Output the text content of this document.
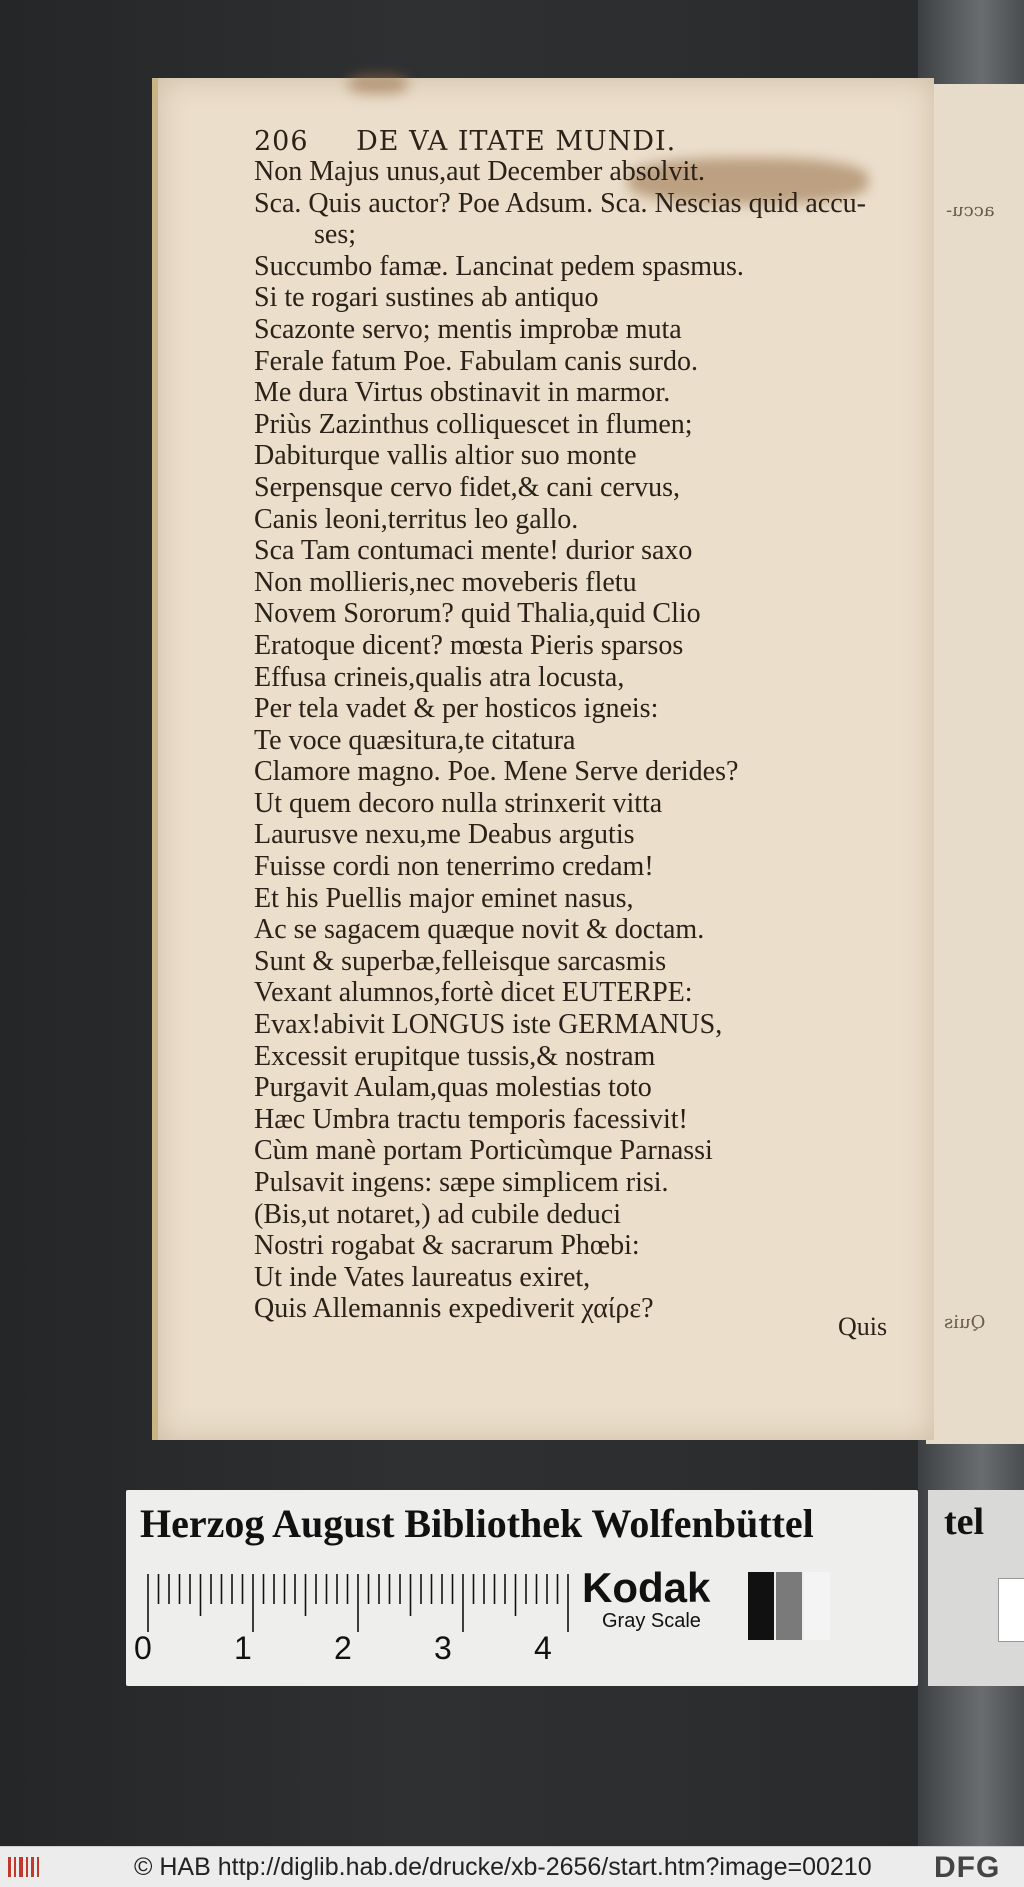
accu-
Quis
206 DE VA ITATE MUNDI.
Non Majus unus,aut December absolvit.
Sca. Quis auctor? Poe Adsum. Sca. Nescias quid accu-
ses;
Succumbo famæ. Lancinat pedem spasmus.
Si te rogari sustines ab antiquo
Scazonte servo; mentis improbæ muta
Ferale fatum Poe. Fabulam canis surdo.
Me dura Virtus obstinavit in marmor.
Priùs Zazinthus colliquescet in flumen;
Dabiturque vallis altior suo monte
Serpensque cervo fidet,& cani cervus,
Canis leoni,territus leo gallo.
Sca Tam contumaci mente! durior saxo
Non mollieris,nec moveberis fletu
Novem Sororum? quid Thalia,quid Clio
Eratoque dicent? mœsta Pieris sparsos
Effusa crineis,qualis atra locusta,
Per tela vadet & per hosticos igneis:
Te voce quæsitura,te citatura
Clamore magno. Poe. Mene Serve derides?
Ut quem decoro nulla strinxerit vitta
Laurusve nexu,me Deabus argutis
Fuisse cordi non tenerrimo credam!
Et his Puellis major eminet nasus,
Ac se sagacem quæque novit & doctam.
Sunt & superbæ,felleisque sarcasmis
Vexant alumnos,fortè dicet EUTERPE:
Evax!abivit LONGUS iste GERMANUS,
Excessit erupitque tussis,& nostram
Purgavit Aulam,quas molestias toto
Hæc Umbra tractu temporis facessivit!
Cùm manè portam Porticùmque Parnassi
Pulsavit ingens: sæpe simplicem risi.
(Bis,ut notaret,) ad cubile deduci
Nostri rogabat & sacrarum Phœbi:
Ut inde Vates laureatus exiret,
Quis Allemannis expediverit χαίρε?
Quis
Herzog August Bibliothek Wolfenbüttel
0	1	2	3	4
Kodak
Gray Scale
tel
© HAB http://diglib.hab.de/drucke/xb-2656/start.htm?image=00210 DFG
